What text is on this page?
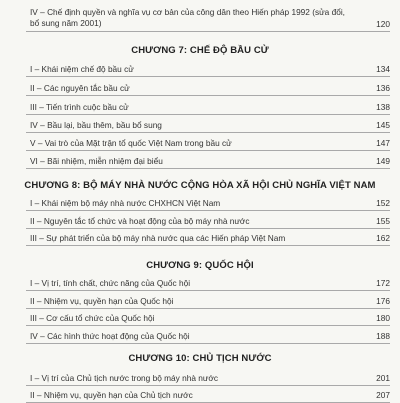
IV – Chế định quyền và nghĩa vụ cơ bản của công dân theo Hiến pháp 1992 (sửa đổi, bổ sung năm 2001)	120
CHƯƠNG 7: CHẾ ĐỘ BẦU CỬ
I – Khái niệm chế độ bầu cử	134
II – Các nguyên tắc bầu cử	136
III – Tiến trình cuộc bầu cử	138
IV – Bầu lại, bầu thêm, bầu bổ sung	145
V – Vai trò của Mặt trận tổ quốc Việt Nam trong bầu cử	147
VI – Bãi nhiệm, miễn nhiệm đại biểu	149
CHƯƠNG 8: BỘ MÁY NHÀ NƯỚC CỘNG HÒA XÃ HỘI CHỦ NGHĨA VIỆT NAM
I – Khái niệm bộ máy nhà nước CHXHCN Việt Nam	152
II – Nguyên tắc tổ chức và hoạt động của bộ máy nhà nước	155
III – Sự phát triển của bộ máy nhà nước qua các Hiến pháp Việt Nam	162
CHƯƠNG 9: QUỐC HỘI
I – Vị trí, tính chất, chức năng của Quốc hội	172
II – Nhiệm vụ, quyền hạn của Quốc hội	176
III – Cơ cấu tổ chức của Quốc hội	180
IV – Các hình thức hoạt động của Quốc hội	188
CHƯƠNG 10: CHỦ TỊCH NƯỚC
I – Vị trí của Chủ tịch nước trong bộ máy nhà nước	201
II – Nhiệm vụ, quyền hạn của Chủ tịch nước	207
